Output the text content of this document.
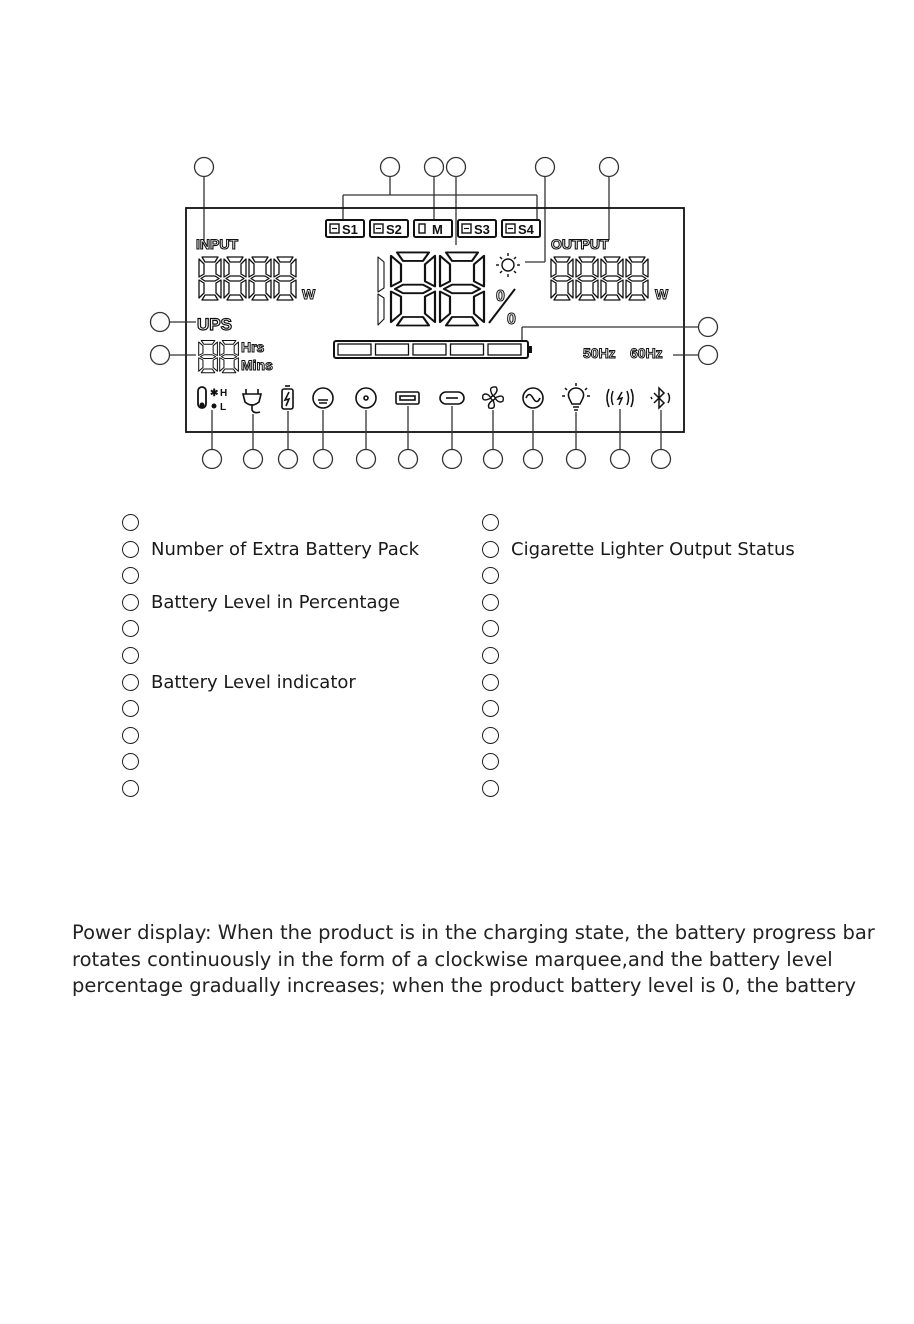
INPUT	OUTPUT
UPS
Hrs
Mins
W	W
50Hz 60Hz
S1 S2 M S3 S4
0
0
✱ H
L
Number of Extra Battery Pack
Battery Level in Percentage
Battery Level indicator
Cigarette Lighter Output Status
Power display: When the product is in the charging state, the battery progress bar
rotates continuously in the form of a clockwise marquee,and the battery level
percentage gradually increases; when the product battery level is 0, the battery
